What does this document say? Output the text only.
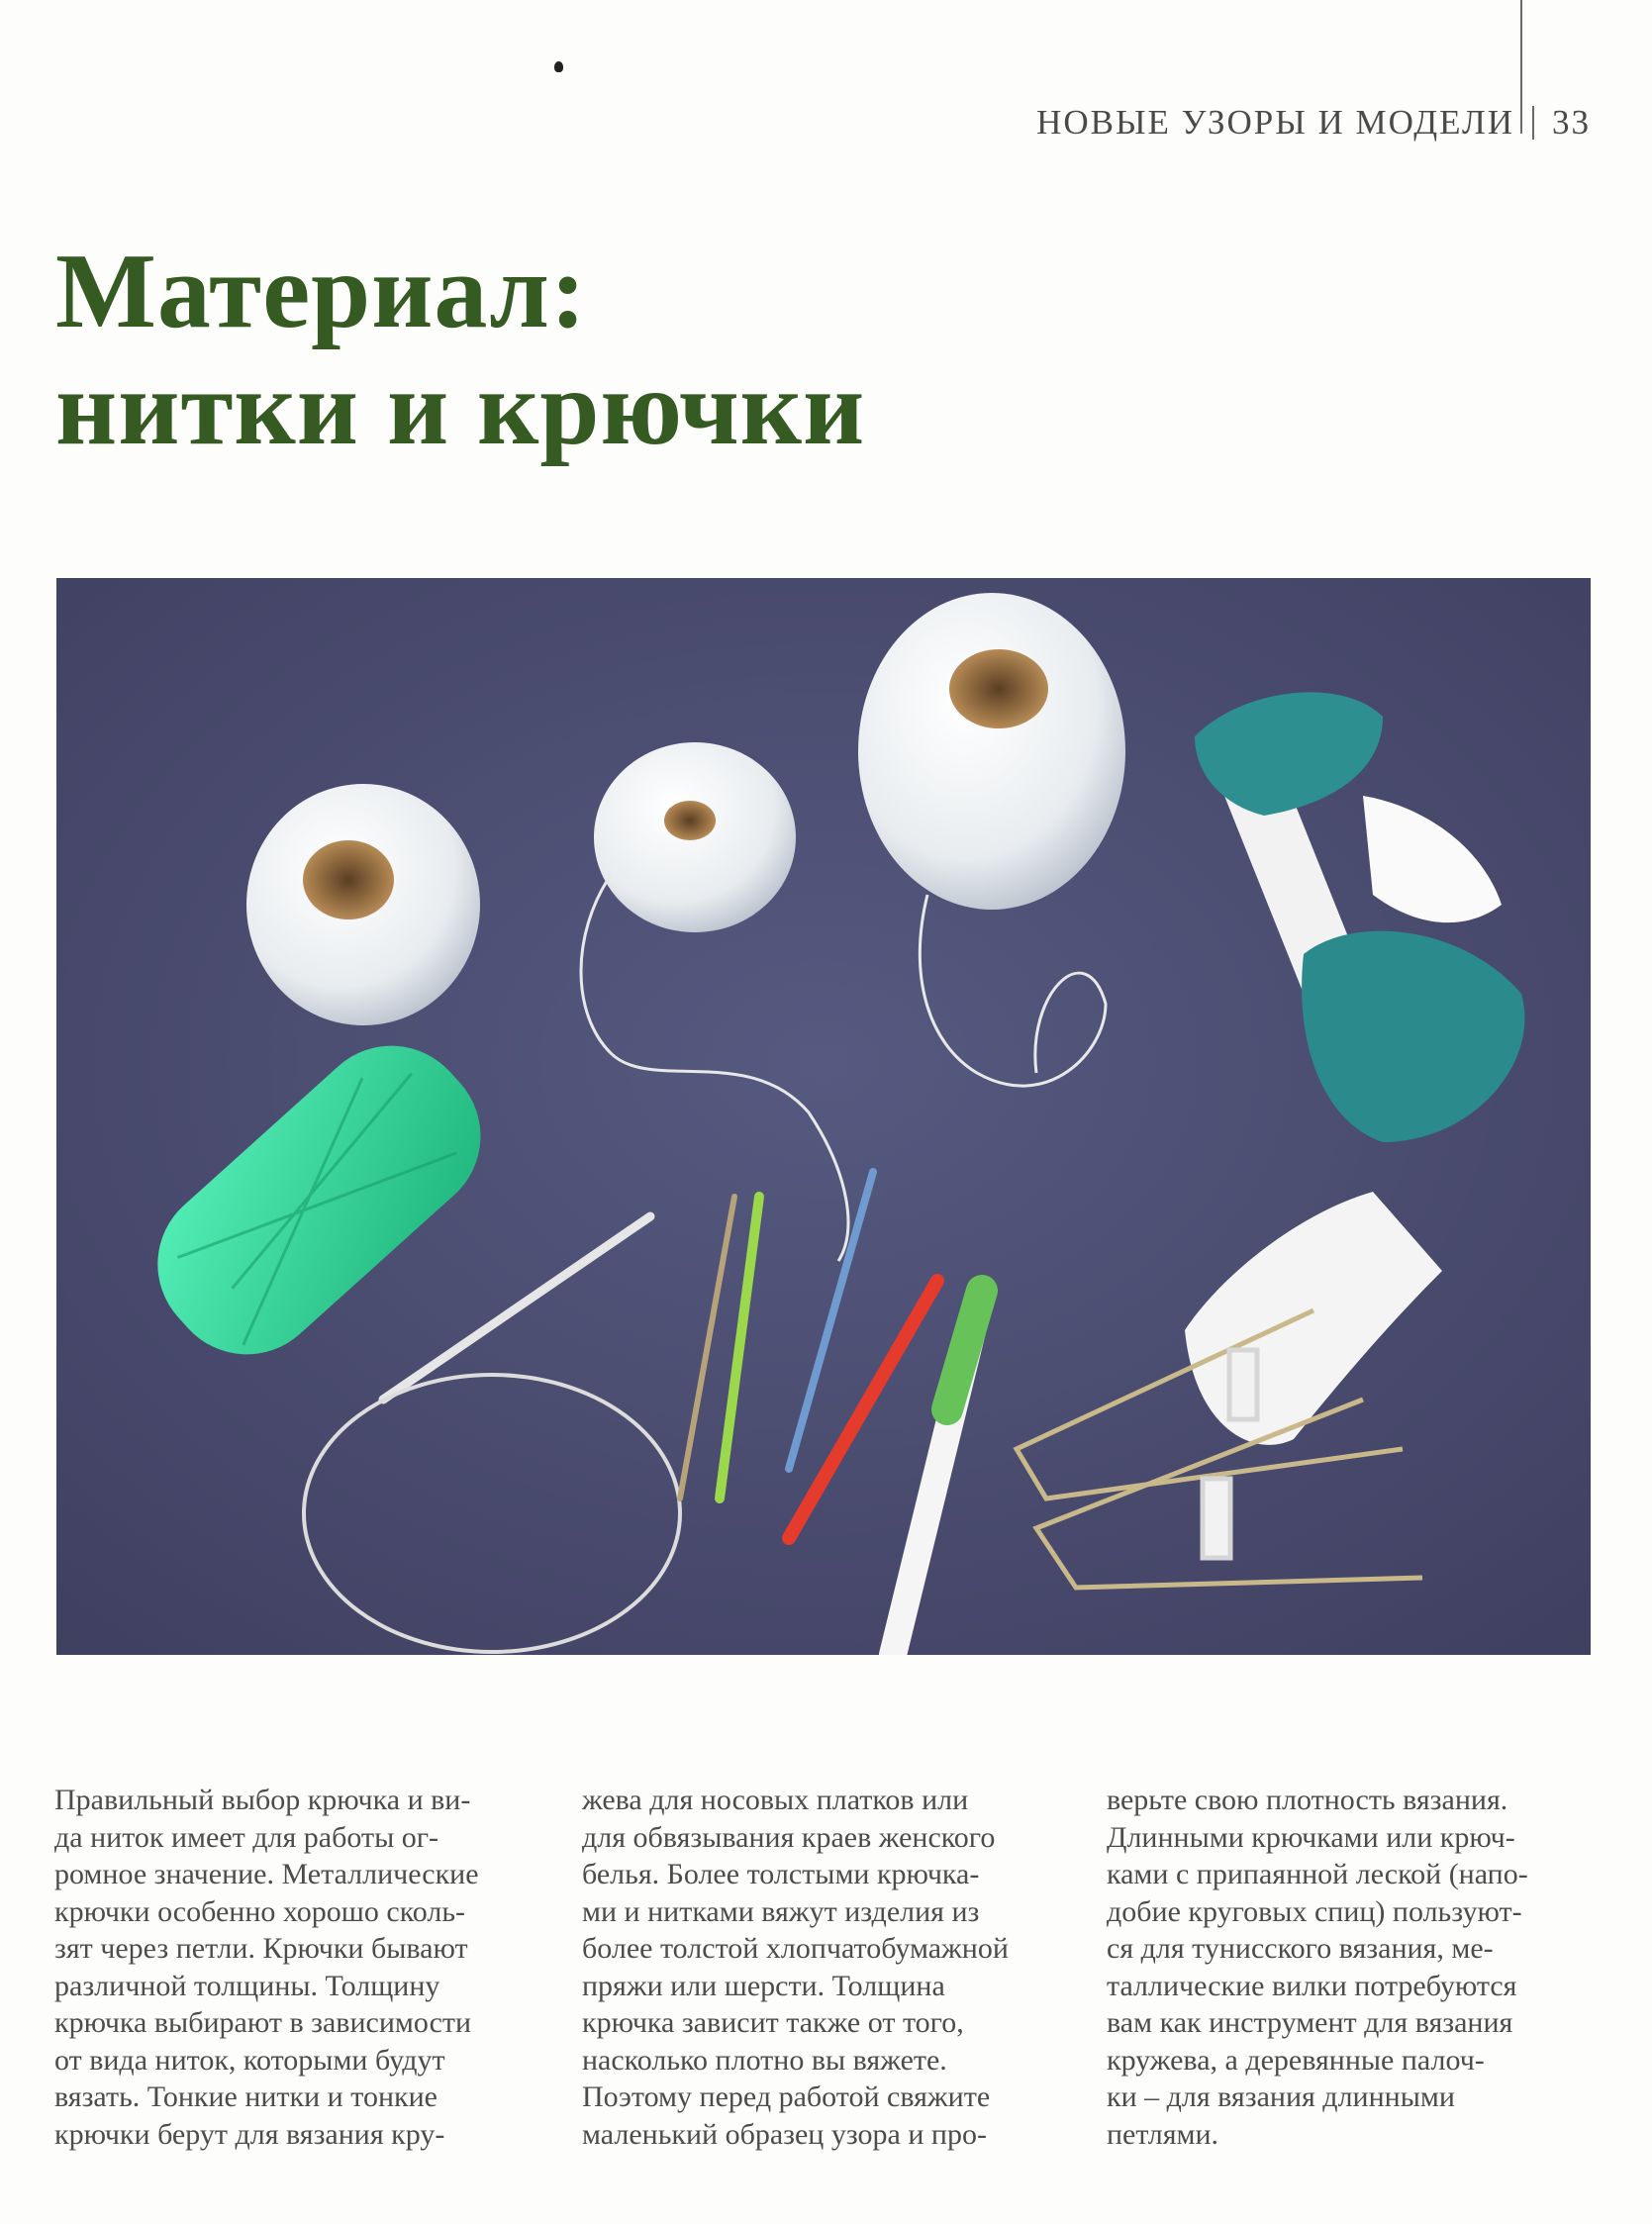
НОВЫЕ УЗОРЫ И МОДЕЛИ 33
Материал:
нитки и крючки

Правильный выбор крючка и ви-

да ниток имеет для работы ог-

ромное значение. Металлические

крючки особенно хорошо сколь-

зят через петли. Крючки бывают

различной толщины. Толщину

крючка выбирают в зависимости

от вида ниток, которыми будут

вязать. Тонкие нитки и тонкие

крючки берут для вязания кру-

жева для носовых платков или

для обвязывания краев женского

белья. Более толстыми крючка-

ми и нитками вяжут изделия из

более толстой хлопчатобумажной

пряжи или шерсти. Толщина

крючка зависит также от того,

насколько плотно вы вяжете.

Поэтому перед работой свяжите

маленький образец узора и про-

верьте свою плотность вязания.

Длинными крючками или крюч-

ками с припаянной леской (напо-

добие круговых спиц) пользуют-

ся для тунисского вязания, ме-

таллические вилки потребуются

вам как инструмент для вязания

кружева, а деревянные палоч-

ки – для вязания длинными

петлями.
